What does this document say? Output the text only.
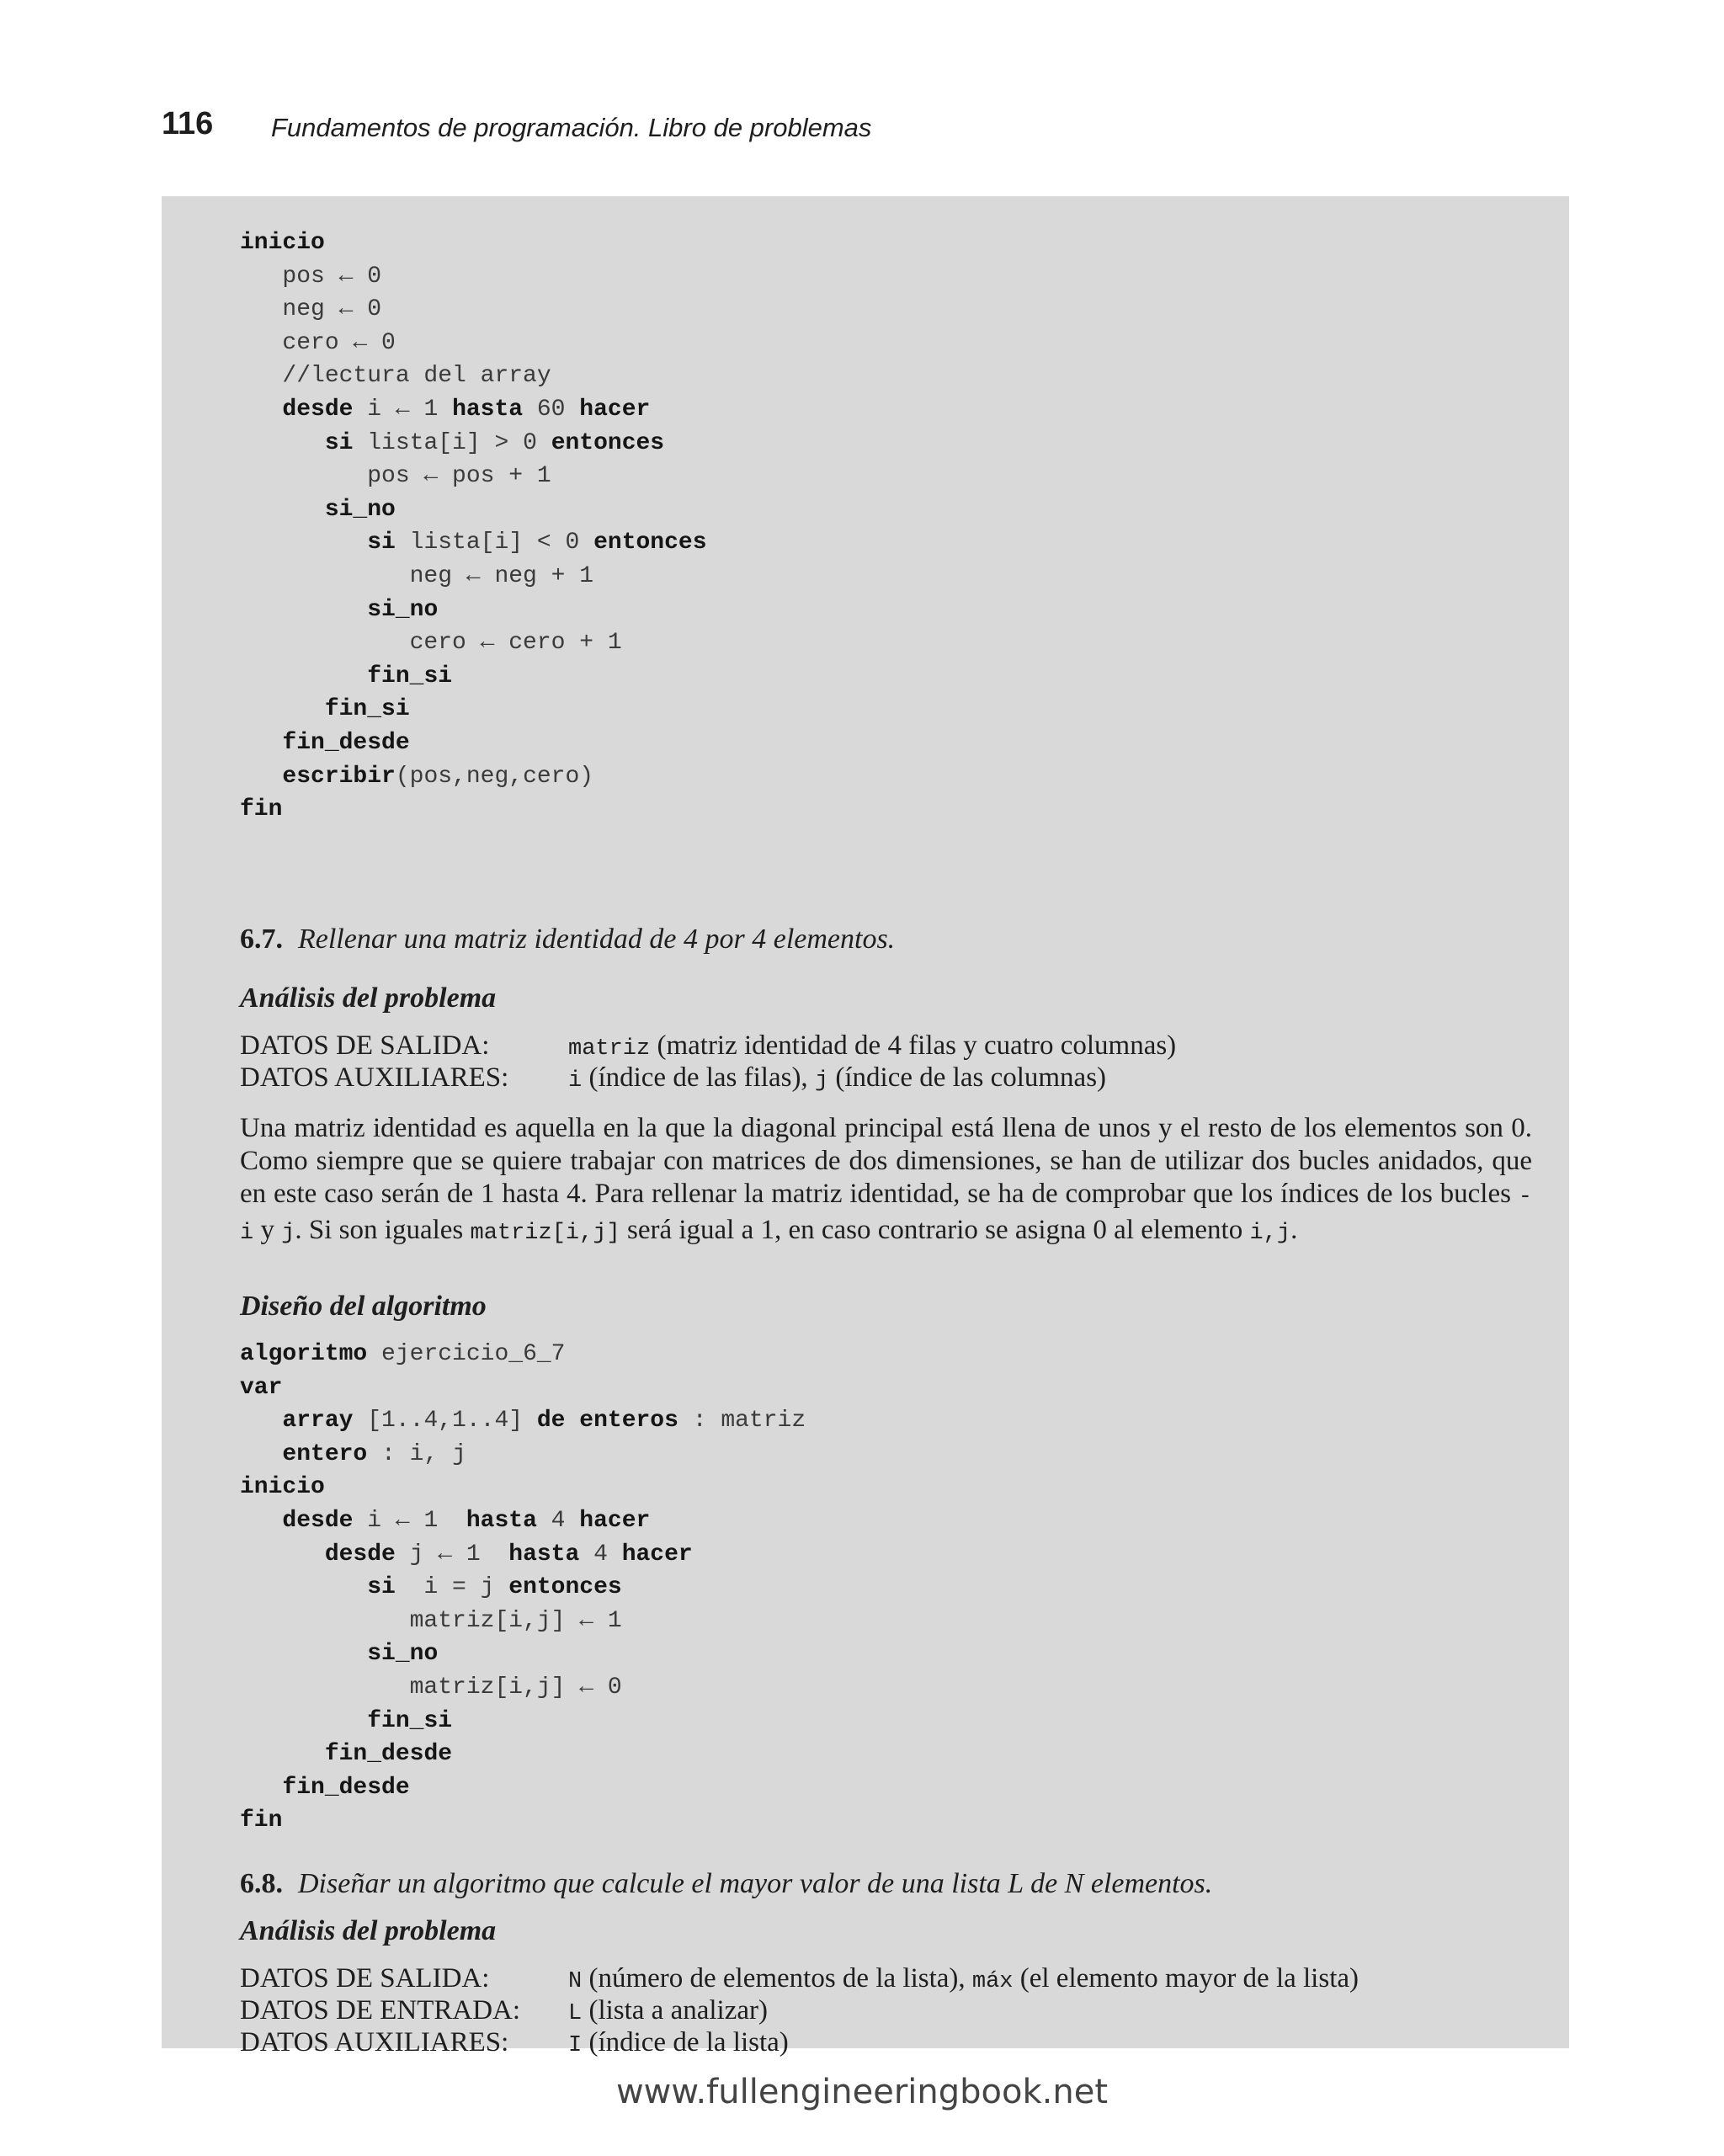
116 Fundamentos de programación. Libro de problemas
inicio
pos ← 0
neg ← 0
cero ← 0
//lectura del array
desde i ← 1 hasta 60 hacer
si lista[i] > 0 entonces
pos ← pos + 1
si_no
si lista[i] < 0 entonces
neg ← neg + 1
si_no
cero ← cero + 1
fin_si
fin_si
fin_desde
escribir(pos,neg,cero)
fin
6.7. Rellenar una matriz identidad de 4 por 4 elementos.
Análisis del problema
DATOS DE SALIDA:	matriz (matriz identidad de 4 filas y cuatro columnas)
DATOS AUXILIARES:	i (índice de las filas), j (índice de las columnas)
Una matriz identidad es aquella en la que la diagonal principal está llena de unos y el resto de los elementos son 0. Como siempre que se quiere trabajar con matrices de dos dimensiones, se han de utilizar dos bucles anidados, que en este caso serán de 1 hasta 4. Para rellenar la matriz identidad, se ha de comprobar que los índices de los bucles -i y j. Si son iguales matriz[i,j] será igual a 1, en caso contrario se asigna 0 al elemento i,j.
Diseño del algoritmo
algoritmo ejercicio_6_7
var
array [1..4,1..4] de enteros : matriz
entero : i, j
inicio
desde i ← 1  hasta 4 hacer
desde j ← 1  hasta 4 hacer
si  i = j entonces
matriz[i,j] ← 1
si_no
matriz[i,j] ← 0
fin_si
fin_desde
fin_desde
fin
6.8. Diseñar un algoritmo que calcule el mayor valor de una lista L de N elementos.
Análisis del problema
DATOS DE SALIDA:	N (número de elementos de la lista), máx (el elemento mayor de la lista)
DATOS DE ENTRADA: L (lista a analizar)
DATOS AUXILIARES:	I (índice de la lista)
www.fullengineeringbook.net
